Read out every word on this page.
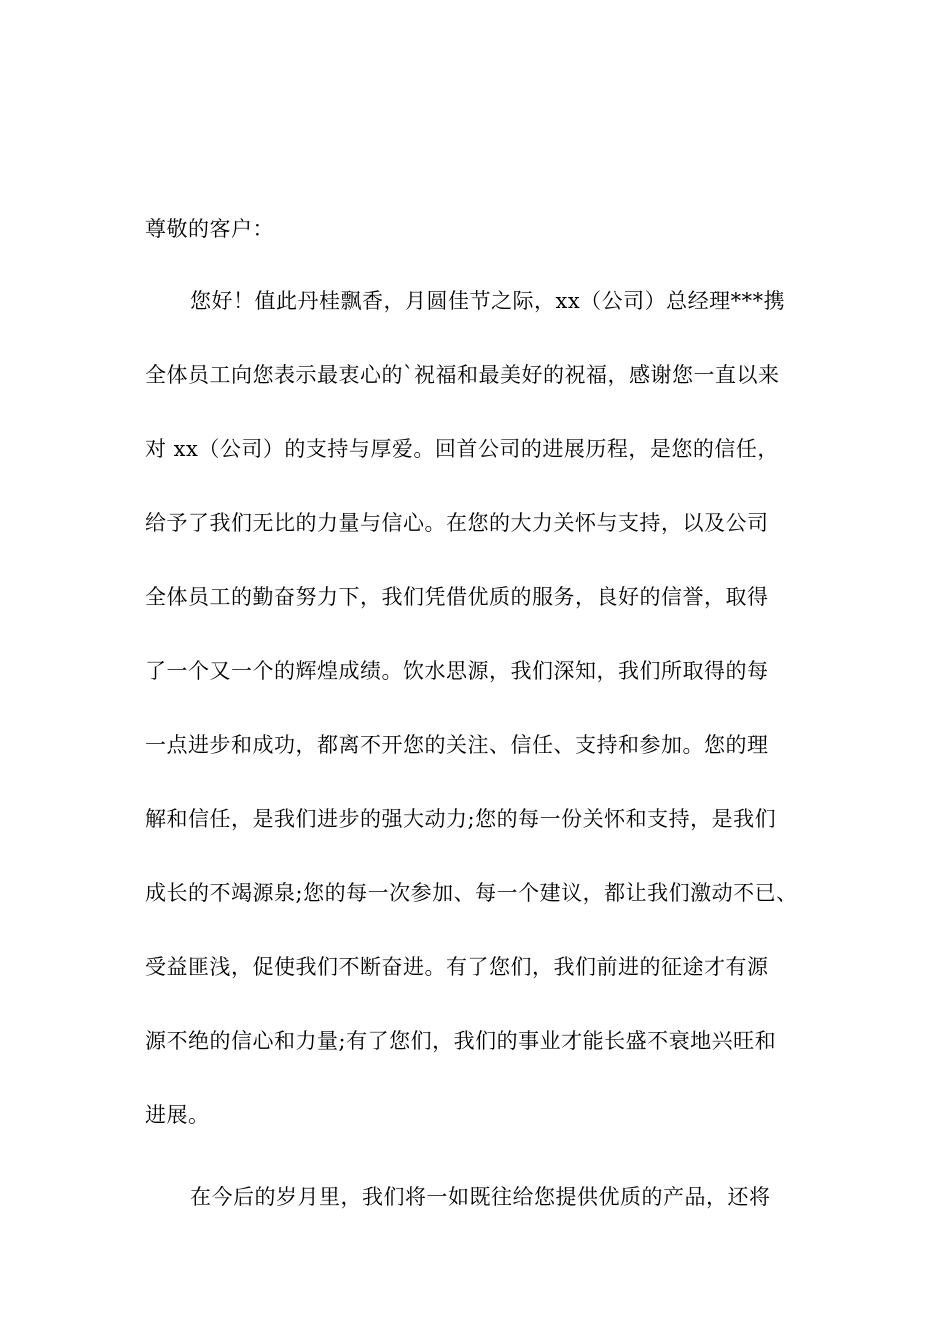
尊敬的客户：
您好！值此丹桂飘香，月圆佳节之际，xx（公司）总经理***携
全体员工向您表示最衷心的`祝福和最美好的祝福，感谢您一直以来
对 xx（公司）的支持与厚爱。回首公司的进展历程，是您的信任，
给予了我们无比的力量与信心。在您的大力关怀与支持，以及公司
全体员工的勤奋努力下，我们凭借优质的服务，良好的信誉，取得
了一个又一个的辉煌成绩。饮水思源，我们深知，我们所取得的每
一点进步和成功，都离不开您的关注、信任、支持和参加。您的理
解和信任，是我们进步的强大动力;您的每一份关怀和支持，是我们
成长的不竭源泉;您的每一次参加、每一个建议，都让我们激动不已、
受益匪浅，促使我们不断奋进。有了您们，我们前进的征途才有源
源不绝的信心和力量;有了您们，我们的事业才能长盛不衰地兴旺和
进展。
在今后的岁月里，我们将一如既往给您提供优质的产品，还将
